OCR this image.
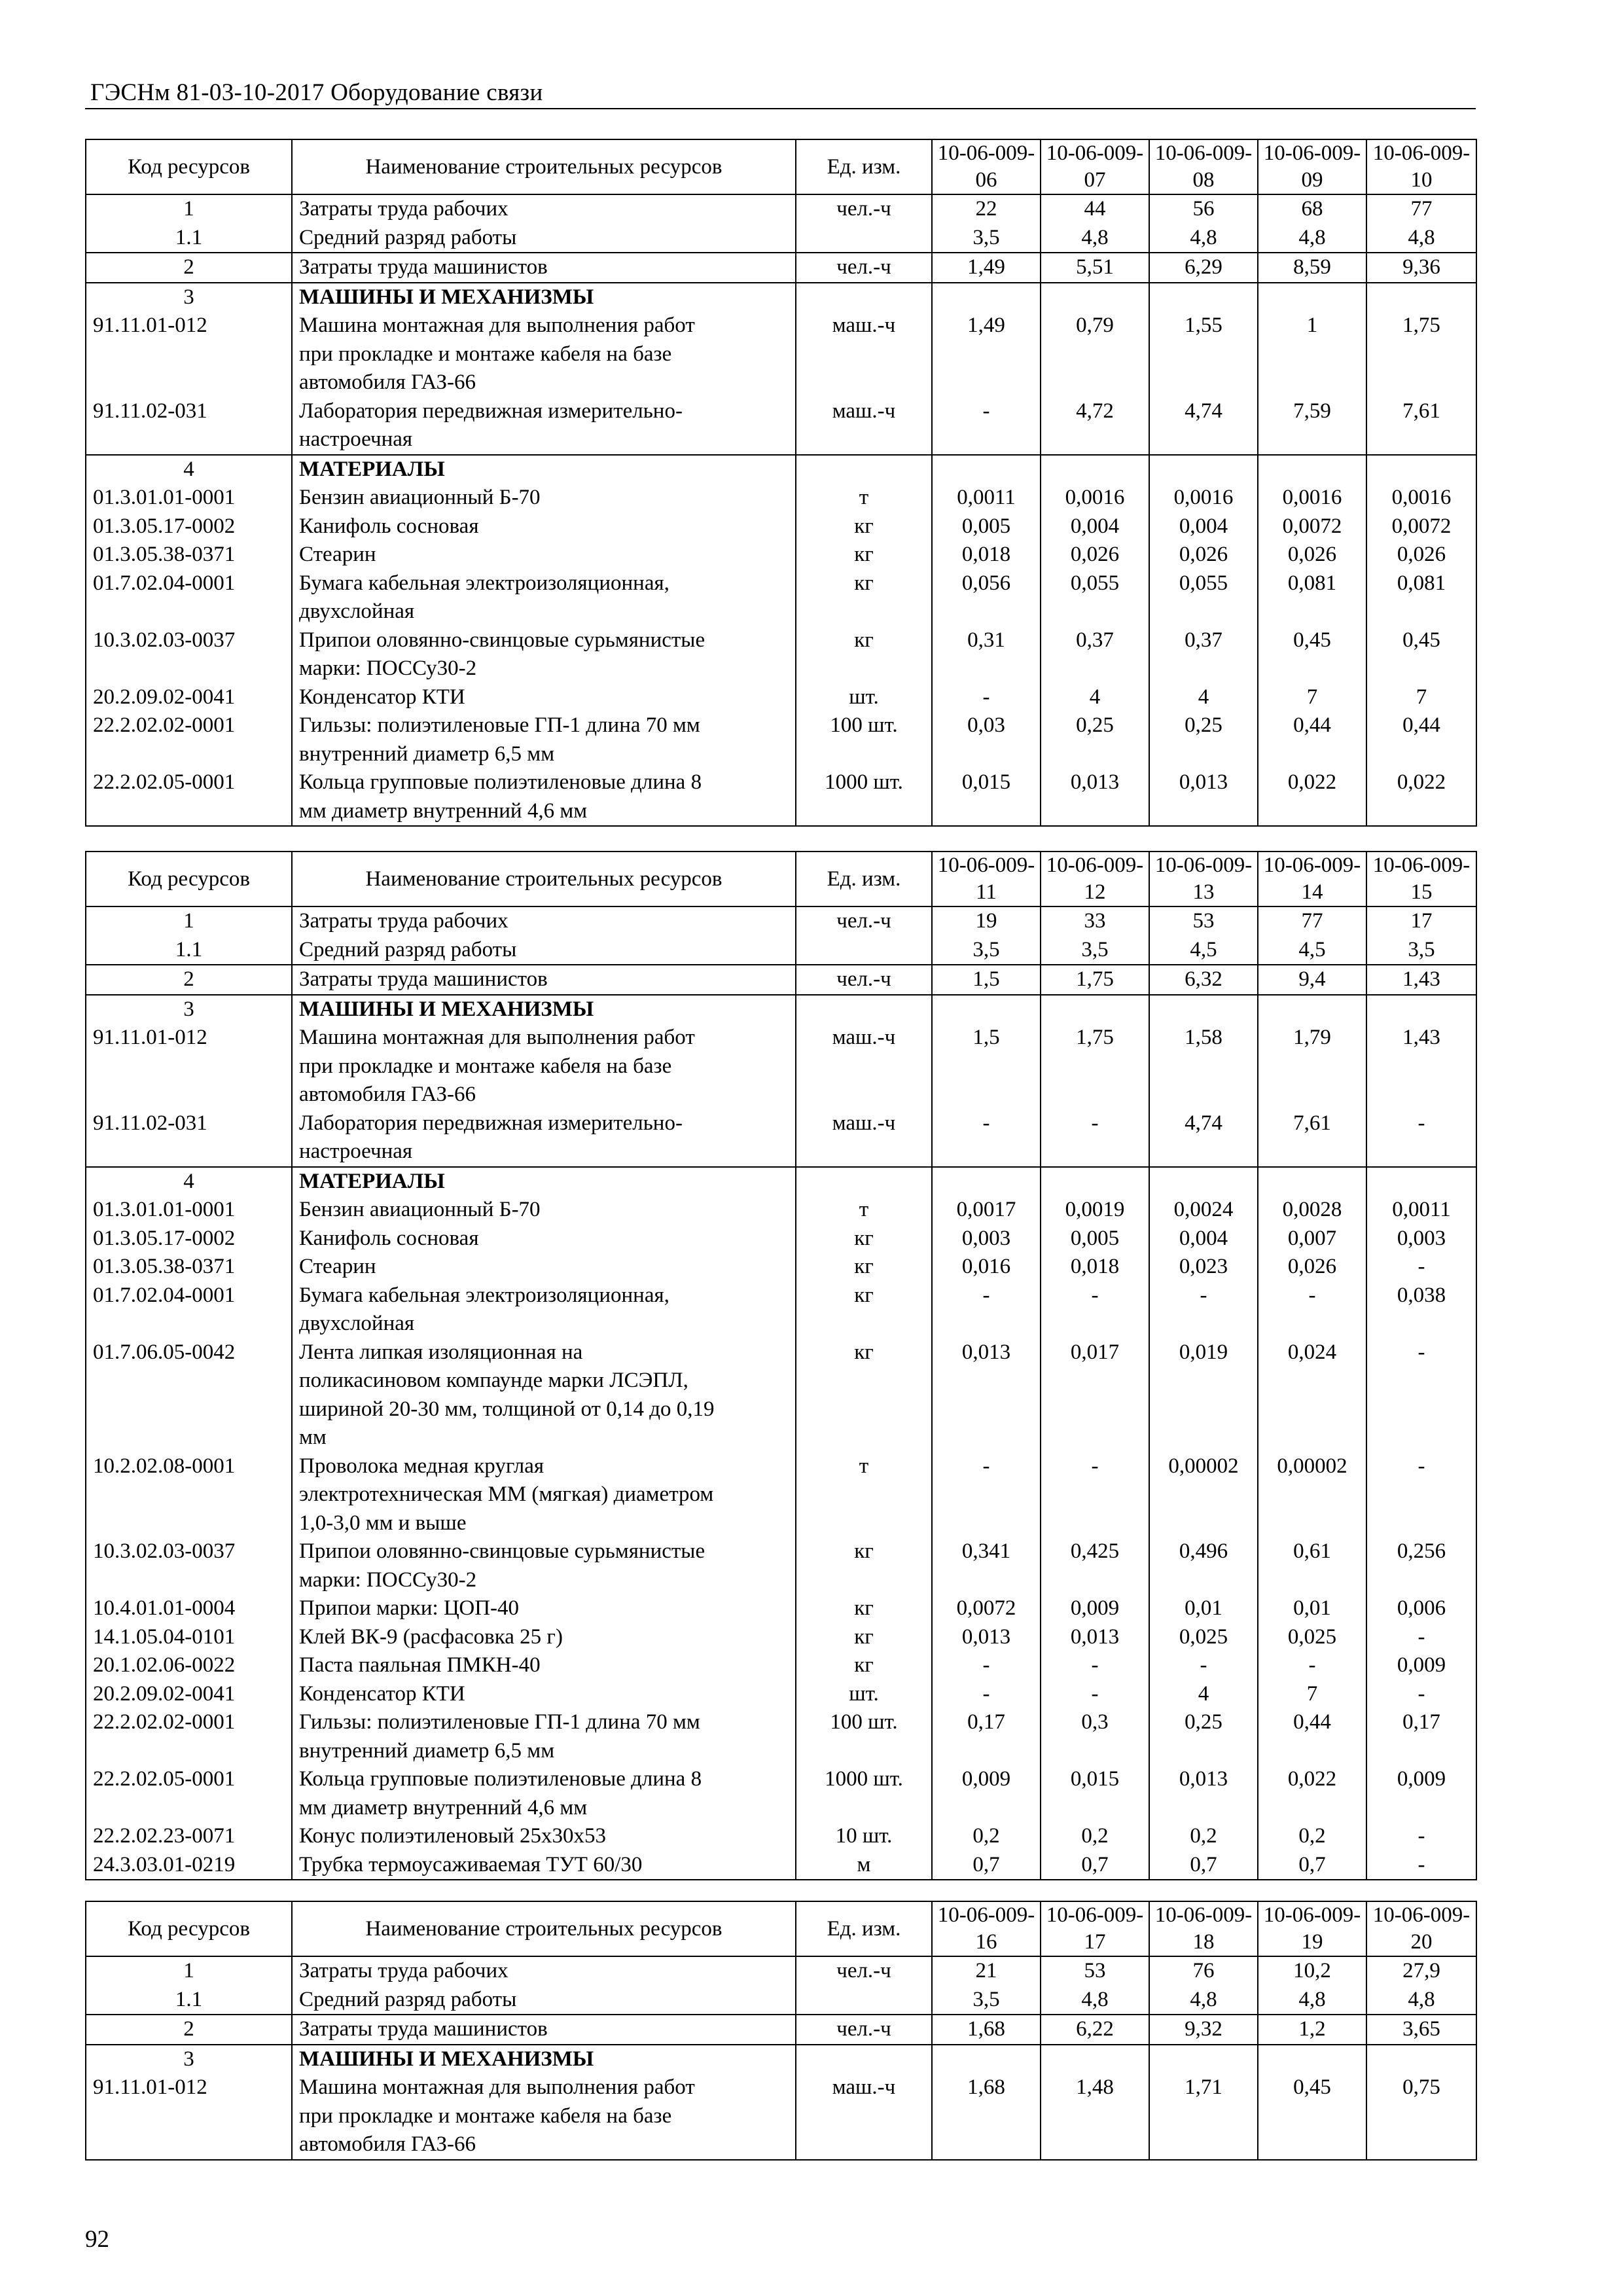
ГЭСНм 81-03-10-2017 Оборудование связи
Код ресурсов	Наименование строительных ресурсов	Ед. изм.	10-06-009-06	10-06-009-07	10-06-009-08	10-06-009-09	10-06-009-10
1	Затраты труда рабочих	чел.-ч	22	44	56	68	77
1.1	Средний разряд работы		3,5	4,8	4,8	4,8	4,8
2	Затраты труда машинистов	чел.-ч	1,49	5,51	6,29	8,59	9,36
3	МАШИНЫ И МЕХАНИЗМЫ						

91.11.01-012	Машина монтажная для выполнения работ
при прокладке и монтаже кабеля на базе
автомобиля ГАЗ-66	маш.-ч	1,49	0,79	1,55	1	1,75
91.11.02-031	Лаборатория передвижная измерительно-
настроечная	маш.-ч	-	4,72	4,74	7,59	7,61
4	МАТЕРИАЛЫ						

01.3.01.01-0001	Бензин авиационный Б-70	т	0,0011	0,0016	0,0016	0,0016	0,0016
01.3.05.17-0002	Канифоль сосновая	кг	0,005	0,004	0,004	0,0072	0,0072
01.3.05.38-0371	Стеарин	кг	0,018	0,026	0,026	0,026	0,026
01.7.02.04-0001	Бумага кабельная электроизоляционная,
двухслойная	кг	0,056	0,055	0,055	0,081	0,081
10.3.02.03-0037	Припои оловянно-свинцовые сурьмянистые
марки: ПОССу30-2	кг	0,31	0,37	0,37	0,45	0,45
20.2.09.02-0041	Конденсатор КТИ	шт.	-	4	4	7	7
22.2.02.02-0001	Гильзы: полиэтиленовые ГП-1 длина 70 мм
внутренний диаметр 6,5 мм	100 шт.	0,03	0,25	0,25	0,44	0,44
22.2.02.05-0001	Кольца групповые полиэтиленовые длина 8
мм диаметр внутренний 4,6 мм	1000 шт.	0,015	0,013	0,013	0,022	0,022
Код ресурсов	Наименование строительных ресурсов	Ед. изм.	10-06-009-11	10-06-009-12	10-06-009-13	10-06-009-14	10-06-009-15
1	Затраты труда рабочих	чел.-ч	19	33	53	77	17
1.1	Средний разряд работы		3,5	3,5	4,5	4,5	3,5
2	Затраты труда машинистов	чел.-ч	1,5	1,75	6,32	9,4	1,43
3	МАШИНЫ И МЕХАНИЗМЫ						

91.11.01-012	Машина монтажная для выполнения работ
при прокладке и монтаже кабеля на базе
автомобиля ГАЗ-66	маш.-ч	1,5	1,75	1,58	1,79	1,43
91.11.02-031	Лаборатория передвижная измерительно-
настроечная	маш.-ч	-	-	4,74	7,61	-
4	МАТЕРИАЛЫ						

01.3.01.01-0001	Бензин авиационный Б-70	т	0,0017	0,0019	0,0024	0,0028	0,0011
01.3.05.17-0002	Канифоль сосновая	кг	0,003	0,005	0,004	0,007	0,003
01.3.05.38-0371	Стеарин	кг	0,016	0,018	0,023	0,026	-
01.7.02.04-0001	Бумага кабельная электроизоляционная,
двухслойная	кг	-	-	-	-	0,038
01.7.06.05-0042	Лента липкая изоляционная на
поликасиновом компаунде марки ЛСЭПЛ,
шириной 20-30 мм, толщиной от 0,14 до 0,19
мм	кг	0,013	0,017	0,019	0,024	-
10.2.02.08-0001	Проволока медная круглая
электротехническая ММ (мягкая) диаметром
1,0-3,0 мм и выше	т	-	-	0,00002	0,00002	-
10.3.02.03-0037	Припои оловянно-свинцовые сурьмянистые
марки: ПОССу30-2	кг	0,341	0,425	0,496	0,61	0,256
10.4.01.01-0004	Припои марки: ЦОП-40	кг	0,0072	0,009	0,01	0,01	0,006
14.1.05.04-0101	Клей ВК-9 (расфасовка 25 г)	кг	0,013	0,013	0,025	0,025	-
20.1.02.06-0022	Паста паяльная ПМКН-40	кг	-	-	-	-	0,009
20.2.09.02-0041	Конденсатор КТИ	шт.	-	-	4	7	-
22.2.02.02-0001	Гильзы: полиэтиленовые ГП-1 длина 70 мм
внутренний диаметр 6,5 мм	100 шт.	0,17	0,3	0,25	0,44	0,17
22.2.02.05-0001	Кольца групповые полиэтиленовые длина 8
мм диаметр внутренний 4,6 мм	1000 шт.	0,009	0,015	0,013	0,022	0,009
22.2.02.23-0071	Конус полиэтиленовый 25х30х53	10 шт.	0,2	0,2	0,2	0,2	-
24.3.03.01-0219	Трубка термоусаживаемая ТУТ 60/30	м	0,7	0,7	0,7	0,7	-
Код ресурсов	Наименование строительных ресурсов	Ед. изм.	10-06-009-16	10-06-009-17	10-06-009-18	10-06-009-19	10-06-009-20
1	Затраты труда рабочих	чел.-ч	21	53	76	10,2	27,9
1.1	Средний разряд работы		3,5	4,8	4,8	4,8	4,8
2	Затраты труда машинистов	чел.-ч	1,68	6,22	9,32	1,2	3,65
3	МАШИНЫ И МЕХАНИЗМЫ						

91.11.01-012	Машина монтажная для выполнения работ
при прокладке и монтаже кабеля на базе
автомобиля ГАЗ-66	маш.-ч	1,68	1,48	1,71	0,45	0,75
92
